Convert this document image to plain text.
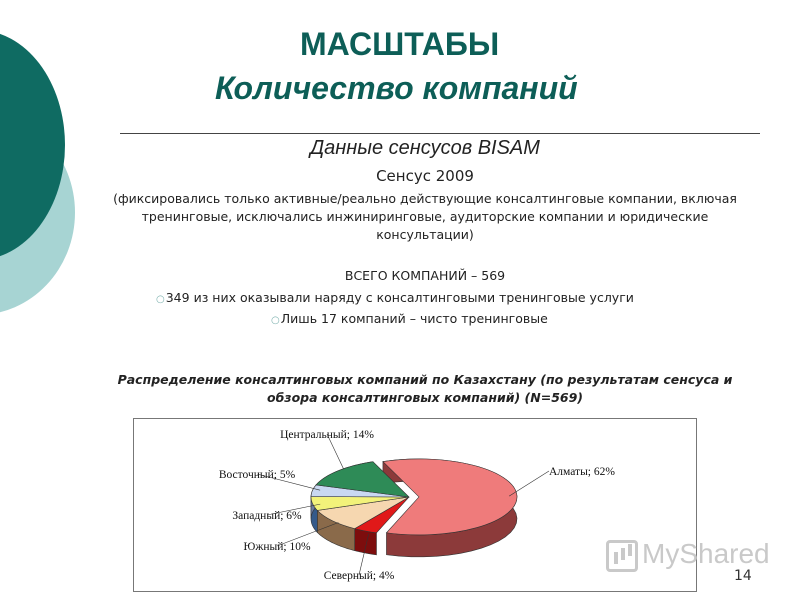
МАСШТАБЫ
Количество компаний
Данные сенсусов BISAM
Сенсус 2009
(фиксировались только активные/реально действующие консалтинговые компании, включая тренинговые, исключались инжиниринговые, аудиторские компании и юридические консультации)
ВСЕГО КОМПАНИЙ – 569
○349 из них оказывали наряду с консалтинговыми тренинговые услуги
○Лишь 17 компаний – чисто тренинговые
Распределение консалтинговых компаний по Казахстану (по результатам сенсуса и обзора консалтинговых компаний) (N=569)
Алматы; 62%
Северный; 4%
Южный; 10%
Западный; 6%
Восточный; 5%
Центральный; 14%
MyShared
14
